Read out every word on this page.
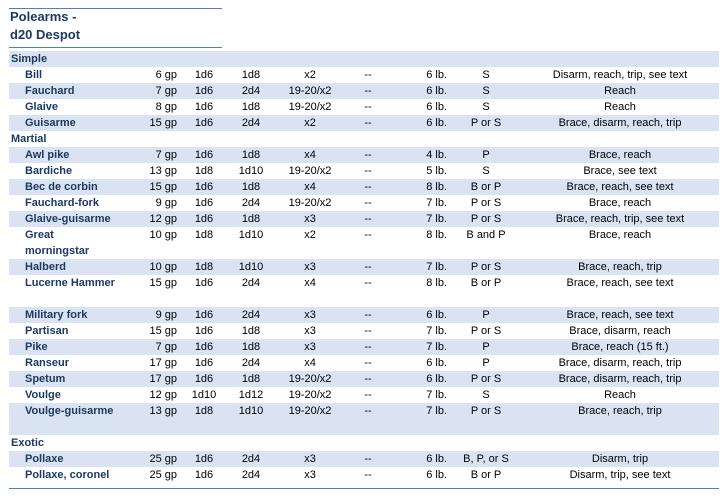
Polearms -
d20 Despot
Simple								
Bill	6 gp	1d6	1d8	x2	--	6 lb.	S	Disarm, reach, trip, see text
Fauchard	7 gp	1d6	2d4	19-20/x2	--	6 lb.	S	Reach
Glaive	8 gp	1d6	1d8	19-20/x2	--	6 lb.	S	Reach
Guisarme	15 gp	1d6	2d4	x2	--	6 lb.	P or S	Brace, disarm, reach, trip
Martial								
Awl pike	7 gp	1d6	1d8	x4	--	4 lb.	P	Brace, reach
Bardiche	13 gp	1d8	1d10	19-20/x2	--	5 lb.	S	Brace, see text
Bec de corbin	15 gp	1d6	1d8	x4	--	8 lb.	B or P	Brace, reach, see text
Fauchard-fork	9 gp	1d6	2d4	19-20/x2	--	7 lb.	P or S	Brace, reach
Glaive-guisarme	12 gp	1d6	1d8	x3	--	7 lb.	P or S	Brace, reach, trip, see text
Great morningstar	10 gp	1d8	1d10	x2	--	8 lb.	B and P	Brace, reach
Halberd	10 gp	1d8	1d10	x3	--	7 lb.	P or S	Brace, reach, trip
Lucerne Hammer	15 gp	1d6	2d4	x4	--	8 lb.	B or P	Brace, reach, see text
Military fork	9 gp	1d6	2d4	x3	--	6 lb.	P	Brace, reach, see text
Partisan	15 gp	1d6	1d8	x3	--	7 lb.	P or S	Brace, disarm, reach
Pike	7 gp	1d6	1d8	x3	--	7 lb.	P	Brace, reach (15 ft.)
Ranseur	17 gp	1d6	2d4	x4	--	6 lb.	P	Brace, disarm, reach, trip
Spetum	17 gp	1d6	1d8	19-20/x2	--	6 lb.	P or S	Brace, disarm, reach, trip
Voulge	12 gp	1d10	1d12	19-20/x2	--	7 lb.	S	Reach
Voulge-guisarme	13 gp	1d8	1d10	19-20/x2	--	7 lb.	P or S	Brace, reach, trip
Exotic								
Pollaxe	25 gp	1d6	2d4	x3	--	6 lb.	B, P, or S	Disarm, trip
Pollaxe, coronel	25 gp	1d6	2d4	x3	--	6 lb.	B or P	Disarm, trip, see text
